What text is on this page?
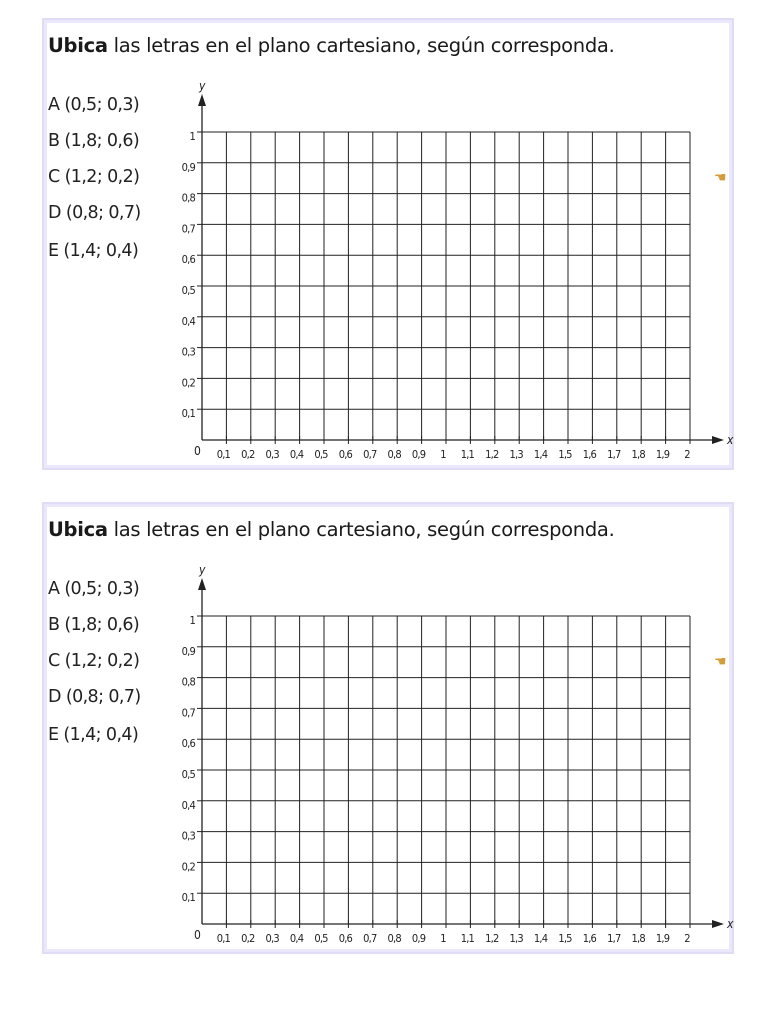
Ubica las letras en el plano cartesiano, según corresponda.
A (0,5; 0,3)
B (1,8; 0,6)
C (1,2; 0,2)
D (0,8; 0,7)
E (1,4; 0,4)
x
y
0 0,1 0,2 0,3 0,4 0,5 0,6 0,7 0,8 0,9 1 1,1 1,2 1,3 1,4 1,5 1,6 1,7 1,8 1,9 2
0,1
0,2
0,3
0,4
0,5
0,6
0,7
0,8
0,9
1
☚
Ubica las letras en el plano cartesiano, según corresponda.
A (0,5; 0,3)
B (1,8; 0,6)
C (1,2; 0,2)
D (0,8; 0,7)
E (1,4; 0,4)
x
y
0 0,1 0,2 0,3 0,4 0,5 0,6 0,7 0,8 0,9 1 1,1 1,2 1,3 1,4 1,5 1,6 1,7 1,8 1,9 2
0,1
0,2
0,3
0,4
0,5
0,6
0,7
0,8
0,9
1
☚
